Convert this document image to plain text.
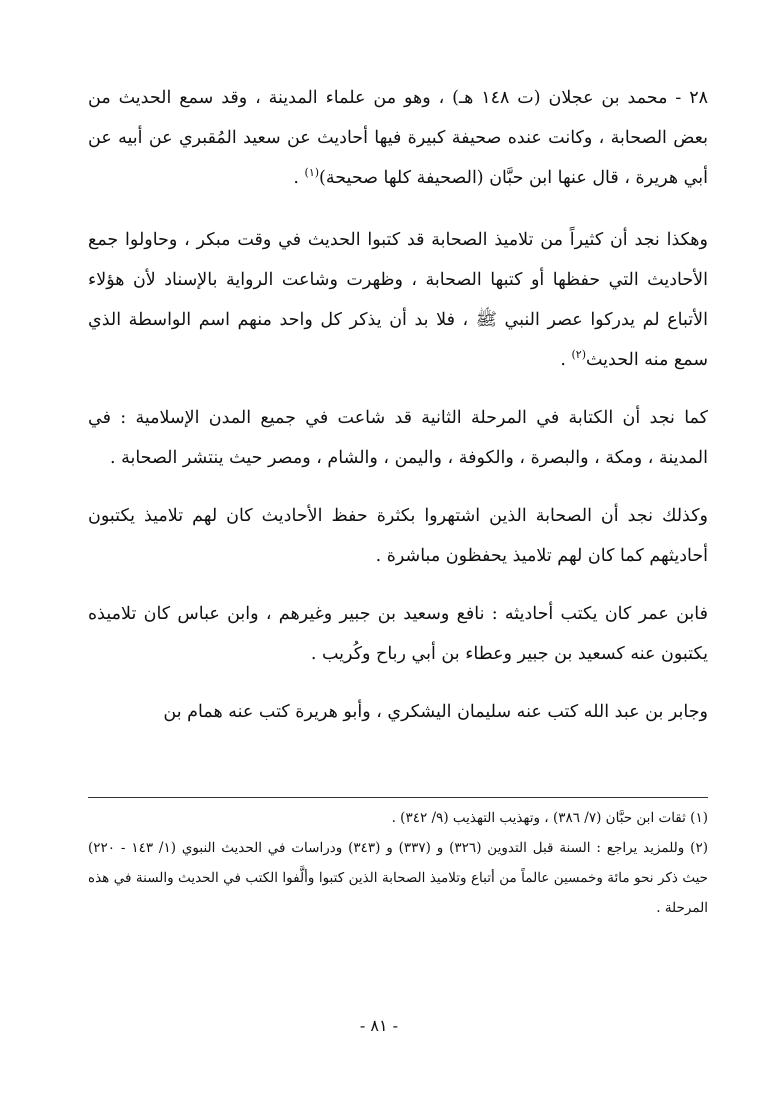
٢٨ - محمد بن عجلان (ت ١٤٨ هـ) ، وهو من علماء المدينة ، وقد سمع الحديث من بعض الصحابة ، وكانت عنده صحيفة كبيرة فيها أحاديث عن سعيد المُقبري عن أبيه عن أبي هريرة ، قال عنها ابن حبَّان (الصحيفة كلها صحيحة)$^{(١)}$ .

وهكذا نجد أن كثيراً من تلاميذ الصحابة قد كتبوا الحديث في وقت مبكر ، وحاولوا جمع الأحاديث التي حفظها أو كتبها الصحابة ، وظهرت وشاعت الرواية بالإسناد لأن هؤلاء الأتباع لم يدركوا عصر النبي ﷺ ، فلا بد أن يذكر كل واحد منهم اسم الواسطة الذي سمع منه الحديث$^{(٢)}$ .

كما نجد أن الكتابة في المرحلة الثانية قد شاعت في جميع المدن الإسلامية : في المدينة ، ومكة ، والبصرة ، والكوفة ، واليمن ، والشام ، ومصر حيث ينتشر الصحابة .

وكذلك نجد أن الصحابة الذين اشتهروا بكثرة حفظ الأحاديث كان لهم تلاميذ يكتبون أحاديثهم كما كان لهم تلاميذ يحفظون مباشرة .

فابن عمر كان يكتب أحاديثه : نافع وسعيد بن جبير وغيرهم ، وابن عباس كان تلاميذه يكتبون عنه كسعيد بن جبير وعطاء بن أبي رباح وكُريب .

وجابر بن عبد الله كتب عنه سليمان اليشكري ، وأبو هريرة كتب عنه همام بن

(١) ثقات ابن حبَّان (٧/ ٣٨٦) ، وتهذيب التهذيب (٩/ ٣٤٢) .

(٢) وللمزيد يراجع : السنة قبل التدوين (٣٢٦) و (٣٣٧) و (٣٤٣) ودراسات في الحديث النبوي (١/ ١٤٣ - ٢٢٠) حيث ذكر نحو مائة وخمسين عالماً من أتباع وتلاميذ الصحابة الذين كتبوا وألَّفوا الكتب في الحديث والسنة في هذه المرحلة .

- ٨١ -
